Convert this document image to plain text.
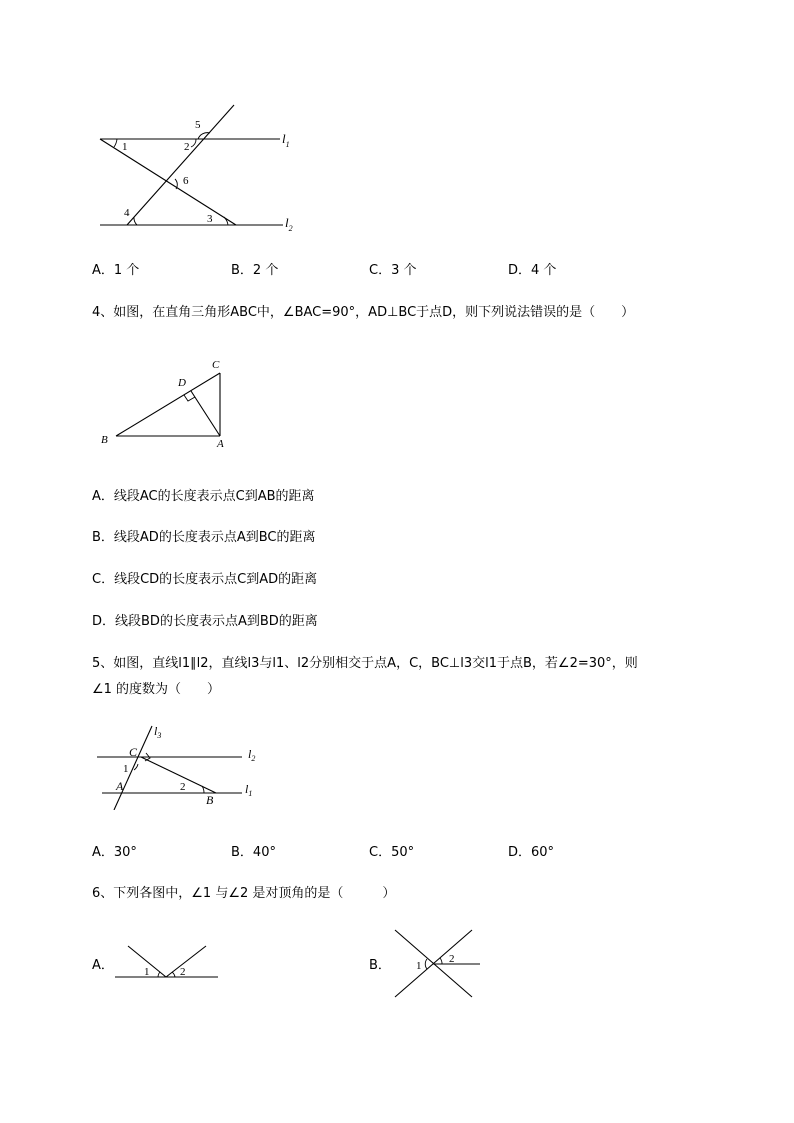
1	2
5
6
4	3
$l_1$
$l_2$
A．1 个	B．2 个	C．3 个	D．4 个
4、如图，在直角三角形ABC中，∠BAC=90°，AD⊥BC于点D，则下列说法错误的是（　　）
B	A
C
D
A．线段AC的长度表示点C到AB的距离
B．线段AD的长度表示点A到BC的距离
C．线段CD的长度表示点C到AD的距离
D．线段BD的长度表示点A到BD的距离
5、如图，直线l1∥l2，直线l3与l1、l2分别相交于点A，C，BC⊥l3交l1于点B，若∠2=30°，则
∠1 的度数为（　　）
C
A
B
1
2
$l_3$
$l_2$
$l_1$
A．30°	B．40°	C．50°	D．60°
6、下列各图中，∠1 与∠2 是对顶角的是（　　　）
A．	1	2	B． 1
2
